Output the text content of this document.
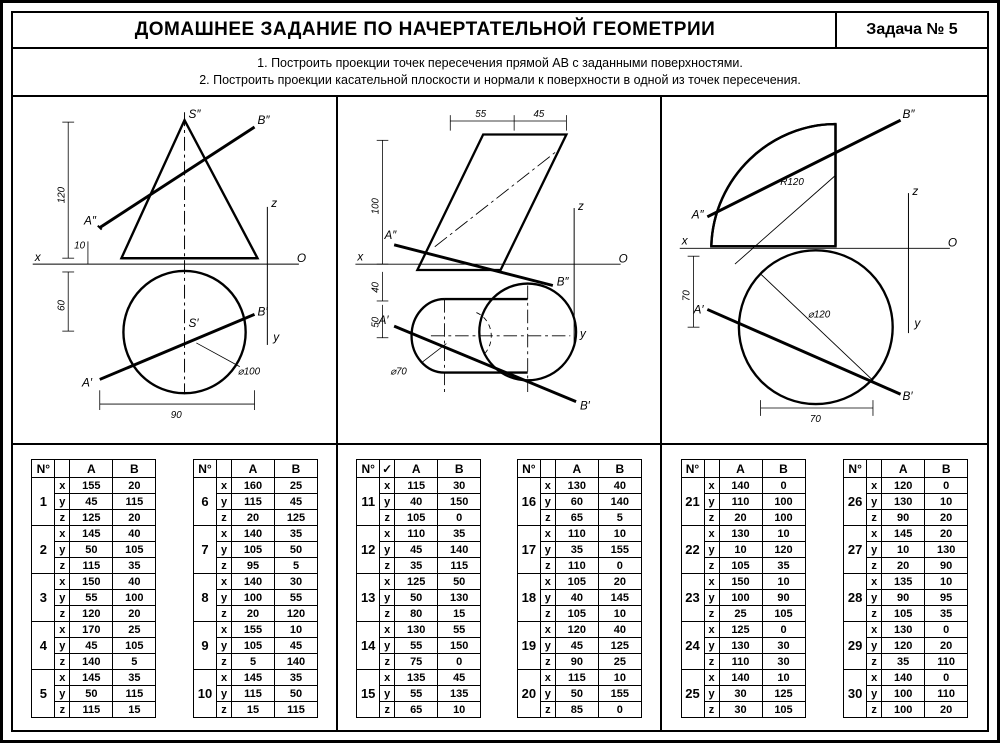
ДОМАШНЕЕ ЗАДАНИЕ ПО НАЧЕРТАТЕЛЬНОЙ ГЕОМЕТРИИ	Задача № 5
1. Построить проекции точек пересечения прямой АВ с заданными поверхностями.
2. Построить проекции касательной плоскости и нормали к поверхности в одной из точек пересечения.
S″	B″
A″
S′
B′
A′
x
z
y
O
120
60
10
90
⌀100
A″
B″
A′
B′
x
z
y
O
55	45
100
40
50
⌀70
B″
A″
A′
B′
x
z
y
O
R120
70
70
⌀120
N°		A	B
1	x	155	20
	y	45	115
	z	125	20
2	x	145	40
	y	50	105
	z	115	35
3	x	150	40
	y	55	100
	z	120	20
4	x	170	25
	y	45	105
	z	140	5
5	x	145	35
	y	50	115
	z	115	15
N°		A	B
6	x	160	25
	y	115	45
	z	20	125
7	x	140	35
	y	105	50
	z	95	5
8	x	140	30
	y	100	55
	z	20	120
9	x	155	10
	y	105	45
	z	5	140
10	x	145	35
	y	115	50
	z	15	115
N°	✓	A	B
11	x	115	30
	y	40	150
	z	105	0
12	x	110	35
	y	45	140
	z	35	115
13	x	125	50
	y	50	130
	z	80	15
14	x	130	55
	y	55	150
	z	75	0
15	x	135	45
	y	55	135
	z	65	10
N°		A	B
16	x	130	40
	y	60	140
	z	65	5
17	x	110	10
	y	35	155
	z	110	0
18	x	105	20
	y	40	145
	z	105	10
19	x	120	40
	y	45	125
	z	90	25
20	x	115	10
	y	50	155
	z	85	0
N°		A	B
21	x	140	0
	y	110	100
	z	20	100
22	x	130	10
	y	10	120
	z	105	35
23	x	150	10
	y	100	90
	z	25	105
24	x	125	0
	y	130	30
	z	110	30
25	x	140	10
	y	30	125
	z	30	105
N°		A	B
26	x	120	0
	y	130	10
	z	90	20
27	x	145	20
	y	10	130
	z	20	90
28	x	135	10
	y	90	95
	z	105	35
29	x	130	0
	y	120	20
	z	35	110
30	x	140	0
	y	100	110
	z	100	20
